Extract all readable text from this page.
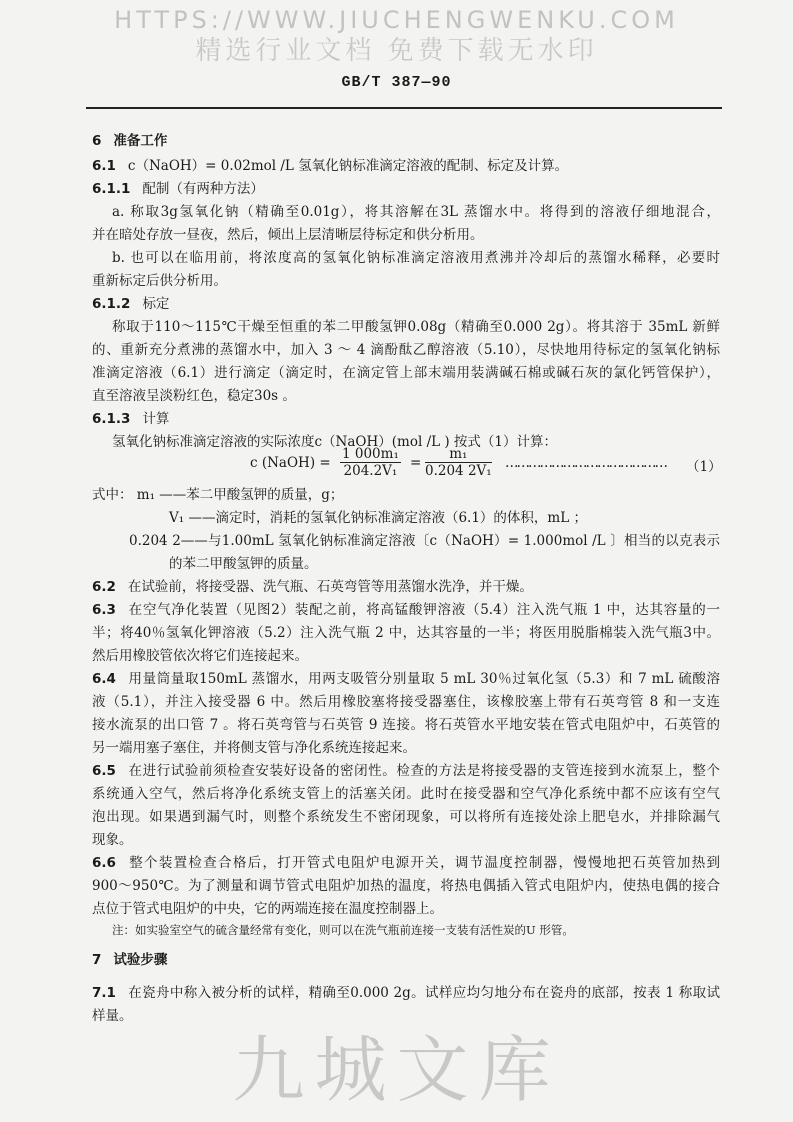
HTTPS://WWW.JIUCHENGWENKU.COM
精选行业文档 免费下载无水印
GB/T 387—90
6 准备工作
6.1 c（NaOH）= 0.02mol /L 氢氧化钠标准滴定溶液的配制、标定及计算。
6.1.1 配制（有两种方法）
a. 称取3g氢氧化钠（精确至0.01g），将其溶解在3L 蒸馏水中。将得到的溶液仔细地混合，
并在暗处存放一昼夜，然后，倾出上层清晰层待标定和供分析用。
b. 也可以在临用前，将浓度高的氢氧化钠标准滴定溶液用煮沸并冷却后的蒸馏水稀释，必要时
重新标定后供分析用。
6.1.2 标定
称取于110～115℃干燥至恒重的苯二甲酸氢钾0.08g（精确至0.000 2g）。将其溶于 35mL 新鲜
的、重新充分煮沸的蒸馏水中，加入 3 ～ 4 滴酚酞乙醇溶液（5.10），尽快地用待标定的氢氧化钠标
准滴定溶液（6.1）进行滴定（滴定时，在滴定管上部末端用装满碱石棉或碱石灰的氯化钙管保护），
直至溶液呈淡粉红色，稳定30s 。
6.1.3 计算
氢氧化钠标准滴定溶液的实际浓度c（NaOH）(mol /L ) 按式（1）计算：
式中： m₁ ——苯二甲酸氢钾的质量，g；
V₁ ——滴定时，消耗的氢氧化钠标准滴定溶液（6.1）的体积，mL ；
0.204 2——与1.00mL 氢氧化钠标准滴定溶液〔c（NaOH）= 1.000mol /L 〕相当的以克表示
的苯二甲酸氢钾的质量。
6.2 在试验前，将接受器、洗气瓶、石英弯管等用蒸馏水洗净，并干燥。
6.3 在空气净化装置（见图2）装配之前，将高锰酸钾溶液（5.4）注入洗气瓶 1 中，达其容量的一
半；将40％氢氧化钾溶液（5.2）注入洗气瓶 2 中，达其容量的一半；将医用脱脂棉装入洗气瓶3中。
然后用橡胶管依次将它们连接起来。
6.4 用量筒量取150mL 蒸馏水，用两支吸管分别量取 5 mL 30％过氧化氢（5.3）和 7 mL 硫酸溶
液（5.1），并注入接受器 6 中。然后用橡胶塞将接受器塞住，该橡胶塞上带有石英弯管 8 和一支连
接水流泵的出口管 7 。将石英弯管与石英管 9 连接。将石英管水平地安装在管式电阻炉中，石英管的
另一端用塞子塞住，并将侧支管与净化系统连接起来。
6.5 在进行试验前须检查安装好设备的密闭性。检查的方法是将接受器的支管连接到水流泵上，整个
系统通入空气，然后将净化系统支管上的活塞关闭。此时在接受器和空气净化系统中都不应该有空气
泡出现。如果遇到漏气时，则整个系统发生不密闭现象，可以将所有连接处涂上肥皂水，并排除漏气
现象。
6.6 整个装置检查合格后，打开管式电阻炉电源开关，调节温度控制器，慢慢地把石英管加热到
900～950℃。为了测量和调节管式电阻炉加热的温度，将热电偶插入管式电阻炉内，使热电偶的接合
点位于管式电阻炉的中央，它的两端连接在温度控制器上。
注：如实验室空气的硫含量经常有变化，则可以在洗气瓶前连接一支装有活性炭的U 形管。
7 试验步骤
7.1 在瓷舟中称入被分析的试样，精确至0.000 2g。试样应均匀地分布在瓷舟的底部，按表 1 称取试
样量。
c (NaOH) = $\frac{\text{1 000m₁}}{\text{204.2V₁}} = \frac{\text{m₁}}{\text{0.204 2V₁}}$ ……………………………………	（1）
九城文库
